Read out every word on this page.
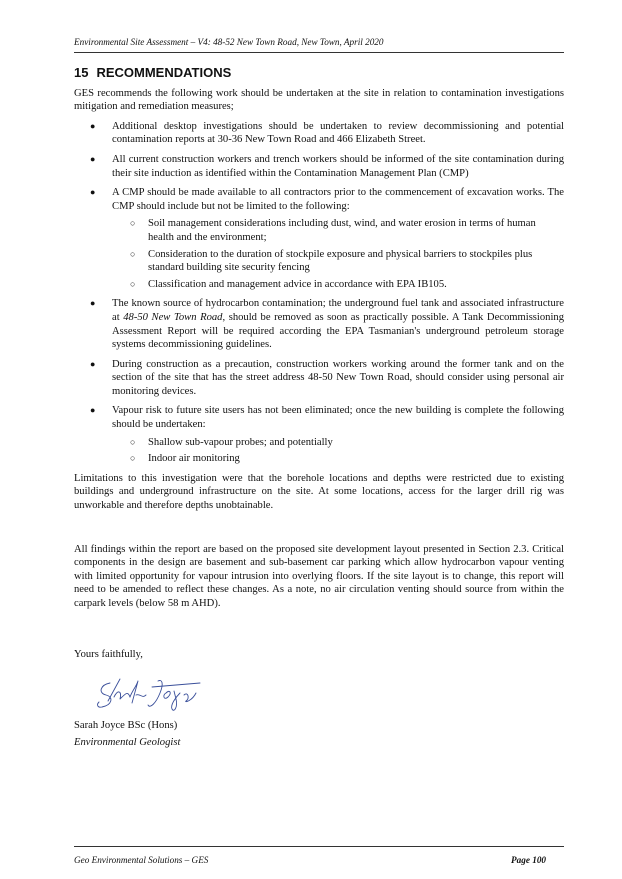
Environmental Site Assessment – V4: 48-52 New Town Road, New Town, April 2020
15 RECOMMENDATIONS

GES recommends the following work should be undertaken at the site in relation to contamination investigations mitigation and remediation measures;

● Additional desktop investigations should be undertaken to review decommissioning and potential contamination reports at 30-36 New Town Road and 466 Elizabeth Street.
● All current construction workers and trench workers should be informed of the site contamination during their site induction as identified within the Contamination Management Plan (CMP)
● A CMP should be made available to all contractors prior to the commencement of excavation works. The CMP should include but not be limited to the following:
○ Soil management considerations including dust, wind, and water erosion in terms of human health and the environment;
○ Consideration to the duration of stockpile exposure and physical barriers to stockpiles plus standard building site security fencing
○ Classification and management advice in accordance with EPA IB105.
● The known source of hydrocarbon contamination; the underground fuel tank and associated infrastructure at 48-50 New Town Road, should be removed as soon as practically possible. A Tank Decommissioning Assessment Report will be required according the EPA Tasmanian's underground petroleum storage systems decommissioning guidelines.
● During construction as a precaution, construction workers working around the former tank and on the section of the site that has the street address 48-50 New Town Road, should consider using personal air monitoring devices.
● Vapour risk to future site users has not been eliminated; once the new building is complete the following should be undertaken:
○ Shallow sub-vapour probes; and potentially
○ Indoor air monitoring

Limitations to this investigation were that the borehole locations and depths were restricted due to existing buildings and underground infrastructure on the site. At some locations, access for the larger drill rig was unworkable and therefore depths unobtainable.

All findings within the report are based on the proposed site development layout presented in Section 2.3. Critical components in the design are basement and sub-basement car parking which allow hydrocarbon vapour venting with limited opportunity for vapour intrusion into overlying floors. If the site layout is to change, this report will need to be amended to reflect these changes. As a note, no air circulation venting should source from within the carpark levels (below 58 m AHD).

Yours faithfully,
Sarah Joyce BSc (Hons)
Environmental Geologist
Geo Environmental Solutions – GES	Page 100
